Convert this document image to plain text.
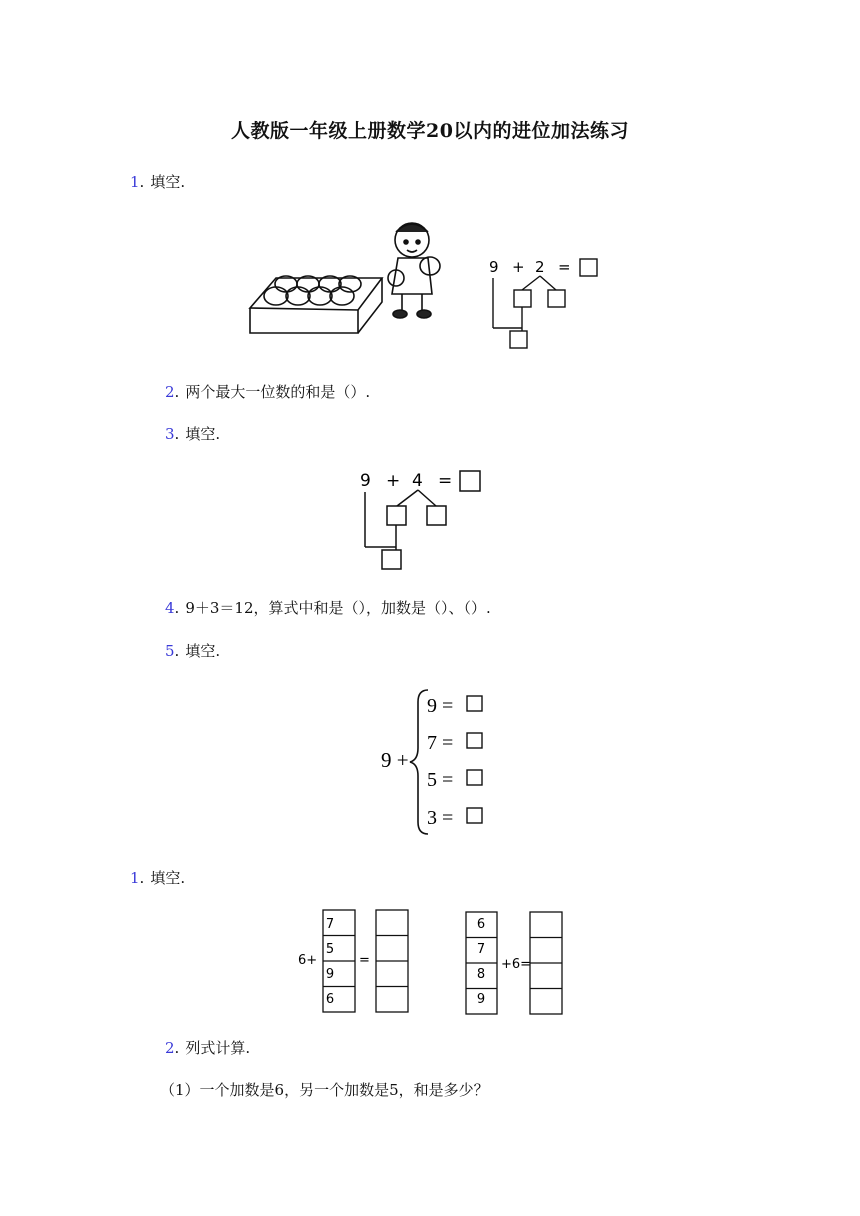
人教版一年级上册数学20以内的进位加法练习
1. 填空.
9 + 2 =
2. 两个最大一位数的和是（）.
3. 填空.
9 + 4 =
4. 9＋3＝12，算式中和是（），加数是（）、（）.
5. 填空.
9 +
9 =
7 =
5 =
3 =
1. 填空.
6+	=
7
5
9
6
6
7
8
9
+6=
2. 列式计算.
（1）一个加数是6，另一个加数是5，和是多少？
